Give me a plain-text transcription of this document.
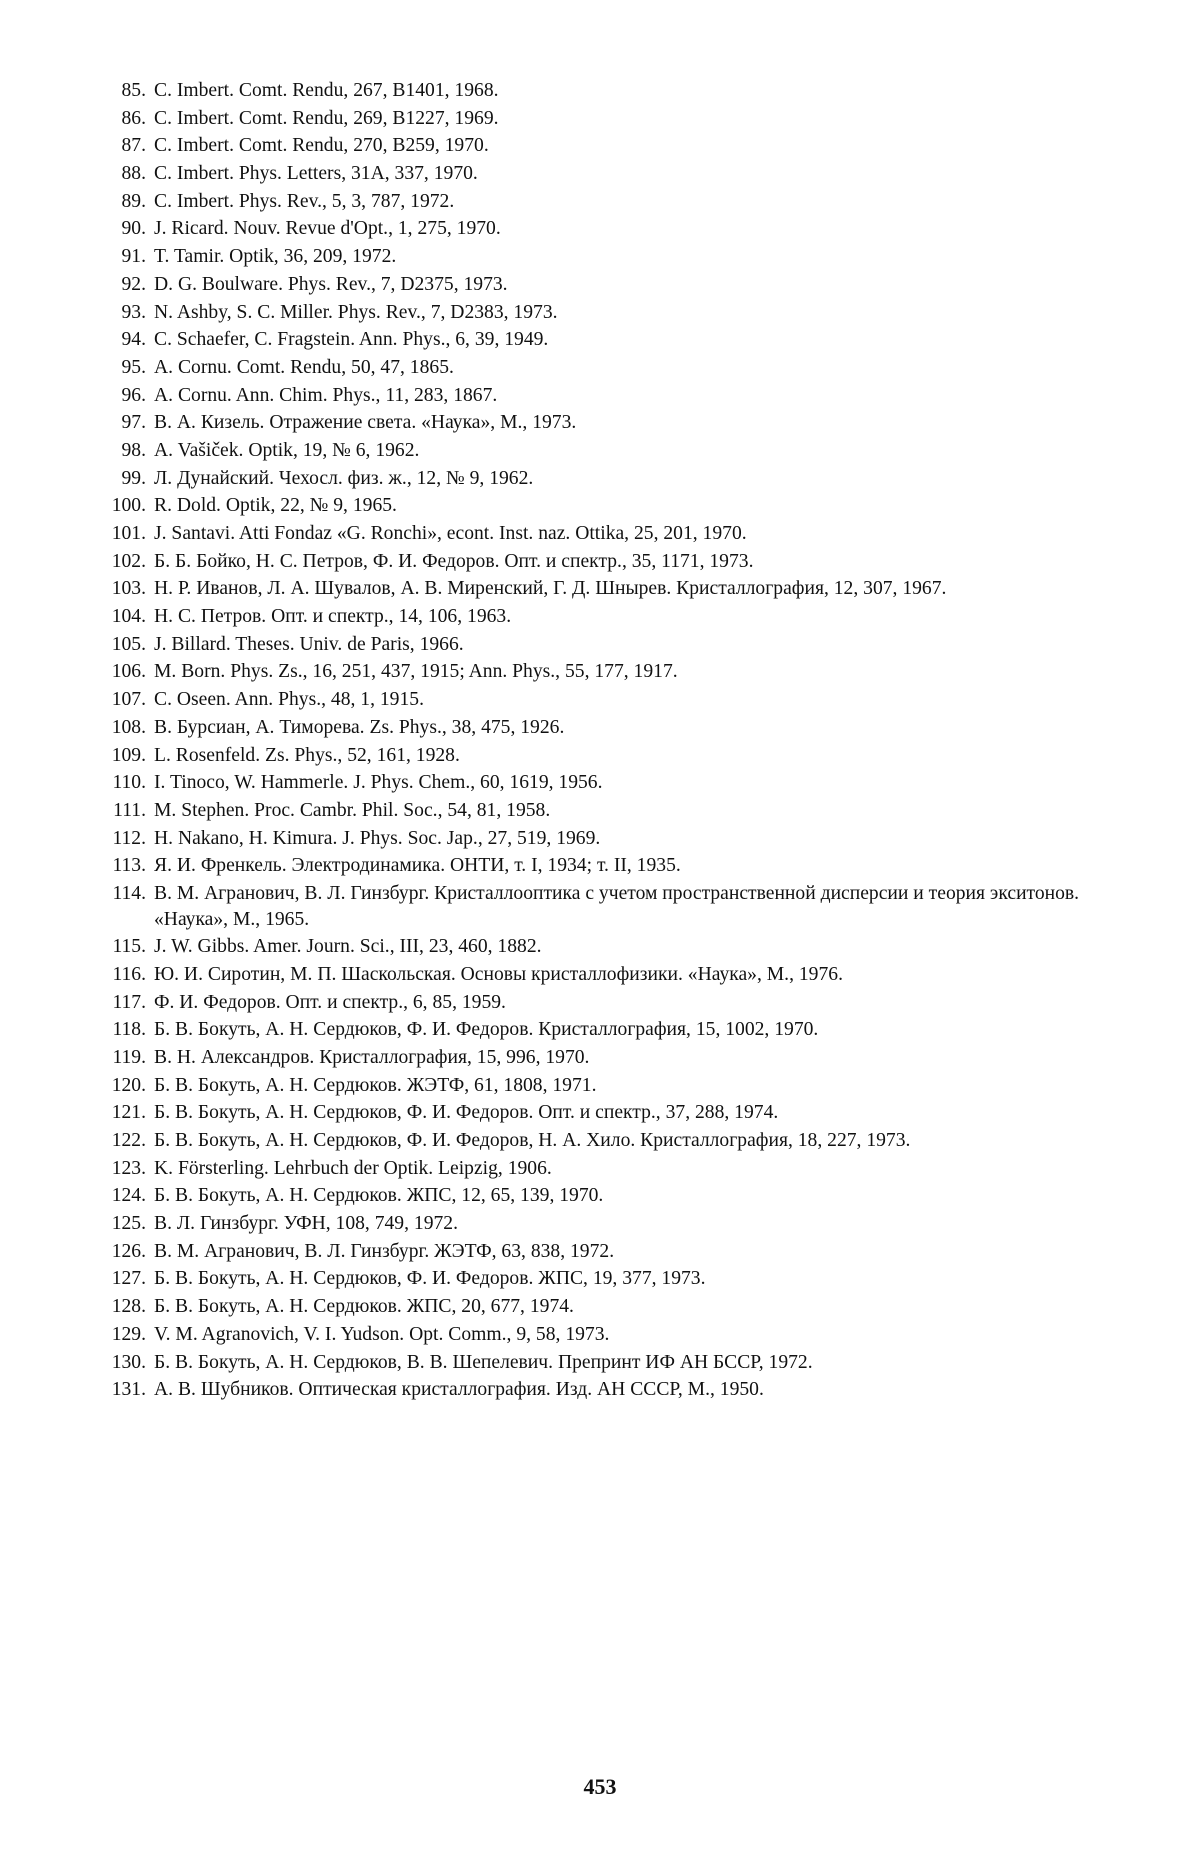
85. C. Imbert. Comt. Rendu, 267, B1401, 1968.
86. C. Imbert. Comt. Rendu, 269, B1227, 1969.
87. C. Imbert. Comt. Rendu, 270, B259, 1970.
88. C. Imbert. Phys. Letters, 31A, 337, 1970.
89. C. Imbert. Phys. Rev., 5, 3, 787, 1972.
90. J. Ricard. Nouv. Revue d'Opt., 1, 275, 1970.
91. T. Tamir. Optik, 36, 209, 1972.
92. D. G. Boulware. Phys. Rev., 7, D2375, 1973.
93. N. Ashby, S. C. Miller. Phys. Rev., 7, D2383, 1973.
94. C. Schaefer, C. Fragstein. Ann. Phys., 6, 39, 1949.
95. A. Cornu. Comt. Rendu, 50, 47, 1865.
96. A. Cornu. Ann. Chim. Phys., 11, 283, 1867.
97. В. А. Кизель. Отражение света. «Наука», М., 1973.
98. A. Vašiček. Optik, 19, № 6, 1962.
99. Л. Дунайский. Чехосл. физ. ж., 12, № 9, 1962.
100. R. Dold. Optik, 22, № 9, 1965.
101. J. Santavi. Atti Fondaz «G. Ronchi», econt. Inst. naz. Ottika, 25, 201, 1970.
102. Б. Б. Бойко, Н. С. Петров, Ф. И. Федоров. Опт. и спектр., 35, 1171, 1973.
103. Н. Р. Иванов, Л. А. Шувалов, А. В. Миренский, Г. Д. Шнырев. Кристаллография, 12, 307, 1967.
104. Н. С. Петров. Опт. и спектр., 14, 106, 1963.
105. J. Billard. Theses. Univ. de Paris, 1966.
106. M. Born. Phys. Zs., 16, 251, 437, 1915; Ann. Phys., 55, 177, 1917.
107. C. Oseen. Ann. Phys., 48, 1, 1915.
108. В. Бурсиан, А. Тиморева. Zs. Phys., 38, 475, 1926.
109. L. Rosenfeld. Zs. Phys., 52, 161, 1928.
110. I. Tinoco, W. Hammerle. J. Phys. Chem., 60, 1619, 1956.
111. M. Stephen. Proc. Cambr. Phil. Soc., 54, 81, 1958.
112. H. Nakano, H. Kimura. J. Phys. Soc. Jap., 27, 519, 1969.
113. Я. И. Френкель. Электродинамика. ОНТИ, т. I, 1934; т. II, 1935.
114. В. М. Агранович, В. Л. Гинзбург. Кристаллооптика с учетом пространственной дисперсии и теория экситонов. «Наука», М., 1965.
115. J. W. Gibbs. Amer. Journ. Sci., III, 23, 460, 1882.
116. Ю. И. Сиротин, М. П. Шаскольская. Основы кристаллофизики. «Наука», М., 1976.
117. Ф. И. Федоров. Опт. и спектр., 6, 85, 1959.
118. Б. В. Бокуть, А. Н. Сердюков, Ф. И. Федоров. Кристаллография, 15, 1002, 1970.
119. В. Н. Александров. Кристаллография, 15, 996, 1970.
120. Б. В. Бокуть, А. Н. Сердюков. ЖЭТФ, 61, 1808, 1971.
121. Б. В. Бокуть, А. Н. Сердюков, Ф. И. Федоров. Опт. и спектр., 37, 288, 1974.
122. Б. В. Бокуть, А. Н. Сердюков, Ф. И. Федоров, Н. А. Хило. Кристаллография, 18, 227, 1973.
123. K. Försterling. Lehrbuch der Optik. Leipzig, 1906.
124. Б. В. Бокуть, А. Н. Сердюков. ЖПС, 12, 65, 139, 1970.
125. В. Л. Гинзбург. УФН, 108, 749, 1972.
126. В. М. Агранович, В. Л. Гинзбург. ЖЭТФ, 63, 838, 1972.
127. Б. В. Бокуть, А. Н. Сердюков, Ф. И. Федоров. ЖПС, 19, 377, 1973.
128. Б. В. Бокуть, А. Н. Сердюков. ЖПС, 20, 677, 1974.
129. V. M. Agranovich, V. I. Yudson. Opt. Comm., 9, 58, 1973.
130. Б. В. Бокуть, А. Н. Сердюков, В. В. Шепелевич. Препринт ИФ АН БССР, 1972.
131. А. В. Шубников. Оптическая кристаллография. Изд. АН СССР, М., 1950.
453
